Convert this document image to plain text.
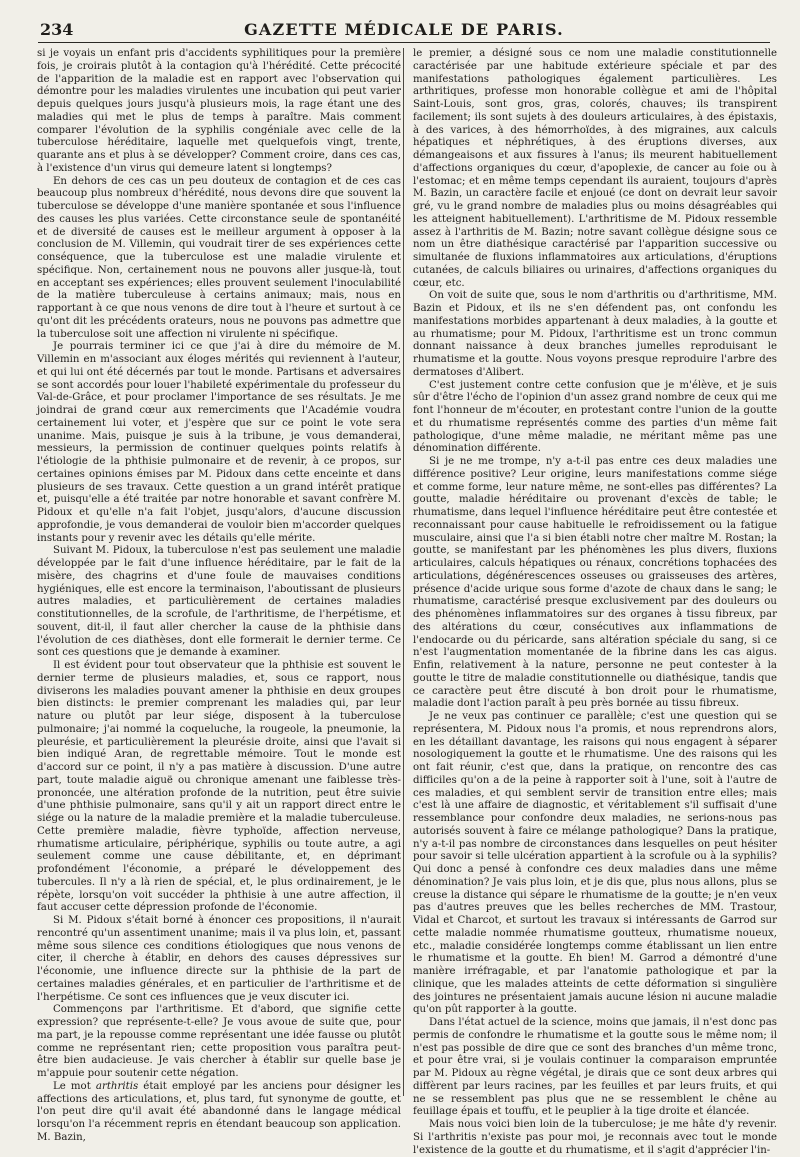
234	GAZETTE MÉDICALE DE PARIS.

si je voyais un enfant pris d'accidents syphilitiques pour la première fois, je croirais plutôt à la contagion qu'à l'hérédité. Cette précocité de l'apparition de la maladie est en rapport avec l'observation qui démontre pour les maladies virulentes une incubation qui peut varier depuis quelques jours jusqu'à plusieurs mois, la rage étant une des maladies qui met le plus de temps à paraître. Mais comment comparer l'évolution de la syphilis congéniale avec celle de la tuberculose héréditaire, laquelle met quelquefois vingt, trente, quarante ans et plus à se développer? Comment croire, dans ces cas, à l'existence d'un virus qui demeure latent si longtemps?

En dehors de ces cas un peu douteux de contagion et de ces cas beaucoup plus nombreux d'hérédité, nous devons dire que souvent la tuberculose se développe d'une manière spontanée et sous l'influence des causes les plus variées. Cette circonstance seule de spontanéité et de diversité de causes est le meilleur argument à opposer à la conclusion de M. Villemin, qui voudrait tirer de ses expériences cette conséquence, que la tuberculose est une maladie virulente et spécifique. Non, certainement nous ne pouvons aller jusque-là, tout en acceptant ses expériences; elles prouvent seulement l'inoculabilité de la matière tuberculeuse à certains animaux; mais, nous en rapportant à ce que nous venons de dire tout à l'heure et surtout à ce qu'ont dit les précédents orateurs, nous ne pouvons pas admettre que la tuberculose soit une affection ni virulente ni spécifique.

Je pourrais terminer ici ce que j'ai à dire du mémoire de M. Villemin en m'associant aux éloges mérités qui reviennent à l'auteur, et qui lui ont été décernés par tout le monde. Partisans et adversaires se sont accordés pour louer l'habileté expérimentale du professeur du Val-de-Grâce, et pour proclamer l'importance de ses résultats. Je me joindrai de grand cœur aux remerciments que l'Académie voudra certainement lui voter, et j'espère que sur ce point le vote sera unanime. Mais, puisque je suis à la tribune, je vous demanderai, messieurs, la permission de continuer quelques points relatifs à l'étiologie de la phthisie pulmonaire et de revenir, à ce propos, sur certaines opinions émises par M. Pidoux dans cette enceinte et dans plusieurs de ses travaux. Cette question a un grand intérêt pratique et, puisqu'elle a été traitée par notre honorable et savant confrère M. Pidoux et qu'elle n'a fait l'objet, jusqu'alors, d'aucune discussion approfondie, je vous demanderai de vouloir bien m'accorder quelques instants pour y revenir avec les détails qu'elle mérite.

Suivant M. Pidoux, la tuberculose n'est pas seulement une maladie développée par le fait d'une influence héréditaire, par le fait de la misère, des chagrins et d'une foule de mauvaises conditions hygiéniques, elle est encore la terminaison, l'aboutissant de plusieurs autres maladies, et particulièrement de certaines maladies constitutionnelles, de la scrofule, de l'arthritisme, de l'herpétisme, et souvent, dit-il, il faut aller chercher la cause de la phthisie dans l'évolution de ces diathèses, dont elle formerait le dernier terme. Ce sont ces questions que je demande à examiner.

Il est évident pour tout observateur que la phthisie est souvent le dernier terme de plusieurs maladies, et, sous ce rapport, nous diviserons les maladies pouvant amener la phthisie en deux groupes bien distincts: le premier comprenant les maladies qui, par leur nature ou plutôt par leur siége, disposent à la tuberculose pulmonaire; j'ai nommé la coqueluche, la rougeole, la pneumonie, la pleurésie, et particulièrement la pleurésie droite, ainsi que l'avait si bien indiqué Aran, de regrettable mémoire. Tout le monde est d'accord sur ce point, il n'y a pas matière à discussion. D'une autre part, toute maladie aiguë ou chronique amenant une faiblesse très-prononcée, une altération profonde de la nutrition, peut être suivie d'une phthisie pulmonaire, sans qu'il y ait un rapport direct entre le siége ou la nature de la maladie première et la maladie tuberculeuse. Cette première maladie, fièvre typhoïde, affection nerveuse, rhumatisme articulaire, périphérique, syphilis ou toute autre, a agi seulement comme une cause débilitante, et, en déprimant profondément l'économie, a préparé le développement des tubercules. Il n'y a là rien de spécial, et, le plus ordinairement, je le répète, lorsqu'on voit succéder la phthisie à une autre affection, il faut accuser cette dépression profonde de l'économie.

Si M. Pidoux s'était borné à énoncer ces propositions, il n'aurait rencontré qu'un assentiment unanime; mais il va plus loin, et, passant même sous silence ces conditions étiologiques que nous venons de citer, il cherche à établir, en dehors des causes dépressives sur l'économie, une influence directe sur la phthisie de la part de certaines maladies générales, et en particulier de l'arthritisme et de l'herpétisme. Ce sont ces influences que je veux discuter ici.

Commençons par l'arthritisme. Et d'abord, que signifie cette expression? que représente-t-elle? Je vous avoue de suite que, pour ma part, je la repousse comme représentant une idée fausse ou plutôt comme ne représentant rien; cette proposition vous paraîtra peut-être bien audacieuse. Je vais chercher à établir sur quelle base je m'appuie pour soutenir cette négation.

Le mot arthritis était employé par les anciens pour désigner les affections des articulations, et, plus tard, fut synonyme de goutte, et l'on peut dire qu'il avait été abandonné dans le langage médical lorsqu'on l'a récemment repris en étendant beaucoup son application. M. Bazin,

le premier, a désigné sous ce nom une maladie constitutionnelle caractérisée par une habitude extérieure spéciale et par des manifestations pathologiques également particulières. Les arthritiques, professe mon honorable collègue et ami de l'hôpital Saint-Louis, sont gros, gras, colorés, chauves; ils transpirent facilement; ils sont sujets à des douleurs articulaires, à des épistaxis, à des varices, à des hémorrhoïdes, à des migraines, aux calculs hépatiques et néphrétiques, à des éruptions diverses, aux démangeaisons et aux fissures à l'anus; ils meurent habituellement d'affections organiques du cœur, d'apoplexie, de cancer au foie ou à l'estomac; et en même temps cependant ils auraient, toujours d'après M. Bazin, un caractère facile et enjoué (ce dont on devrait leur savoir gré, vu le grand nombre de maladies plus ou moins désagréables qui les atteignent habituellement). L'arthritisme de M. Pidoux ressemble assez à l'arthritis de M. Bazin; notre savant collègue désigne sous ce nom un être diathésique caractérisé par l'apparition successive ou simultanée de fluxions inflammatoires aux articulations, d'éruptions cutanées, de calculs biliaires ou urinaires, d'affections organiques du cœur, etc.

On voit de suite que, sous le nom d'arthritis ou d'arthritisme, MM. Bazin et Pidoux, et ils ne s'en défendent pas, ont confondu les manifestations morbides appartenant à deux maladies, à la goutte et au rhumatisme; pour M. Pidoux, l'arthritisme est un tronc commun donnant naissance à deux branches jumelles reproduisant le rhumatisme et la goutte. Nous voyons presque reproduire l'arbre des dermatoses d'Alibert.

C'est justement contre cette confusion que je m'élève, et je suis sûr d'être l'écho de l'opinion d'un assez grand nombre de ceux qui me font l'honneur de m'écouter, en protestant contre l'union de la goutte et du rhumatisme représentés comme des parties d'un même fait pathologique, d'une même maladie, ne méritant même pas une dénomination différente.

Si je ne me trompe, n'y a-t-il pas entre ces deux maladies une différence positive? Leur origine, leurs manifestations comme siége et comme forme, leur nature même, ne sont-elles pas différentes? La goutte, maladie héréditaire ou provenant d'excès de table; le rhumatisme, dans lequel l'influence héréditaire peut être contestée et reconnaissant pour cause habituelle le refroidissement ou la fatigue musculaire, ainsi que l'a si bien établi notre cher maître M. Rostan; la goutte, se manifestant par les phénomènes les plus divers, fluxions articulaires, calculs hépatiques ou rénaux, concrétions tophacées des articulations, dégénérescences osseuses ou graisseuses des artères, présence d'acide urique sous forme d'azote de chaux dans le sang; le rhumatisme, caractérisé presque exclusivement par des douleurs ou des phénomènes inflammatoires sur des organes à tissu fibreux, par des altérations du cœur, consécutives aux inflammations de l'endocarde ou du péricarde, sans altération spéciale du sang, si ce n'est l'augmentation momentanée de la fibrine dans les cas aigus. Enfin, relativement à la nature, personne ne peut contester à la goutte le titre de maladie constitutionnelle ou diathésique, tandis que ce caractère peut être discuté à bon droit pour le rhumatisme, maladie dont l'action paraît à peu près bornée au tissu fibreux.

Je ne veux pas continuer ce parallèle; c'est une question qui se représentera, M. Pidoux nous l'a promis, et nous reprendrons alors, en les détaillant davantage, les raisons qui nous engagent à séparer nosologiquement la goutte et le rhumatisme. Une des raisons qui les ont fait réunir, c'est que, dans la pratique, on rencontre des cas difficiles qu'on a de la peine à rapporter soit à l'une, soit à l'autre de ces maladies, et qui semblent servir de transition entre elles; mais c'est là une affaire de diagnostic, et véritablement s'il suffisait d'une ressemblance pour confondre deux maladies, ne serions-nous pas autorisés souvent à faire ce mélange pathologique? Dans la pratique, n'y a-t-il pas nombre de circonstances dans lesquelles on peut hésiter pour savoir si telle ulcération appartient à la scrofule ou à la syphilis? Qui donc a pensé à confondre ces deux maladies dans une même dénomination? Je vais plus loin, et je dis que, plus nous allons, plus se creuse la distance qui sépare le rhumatisme de la goutte; je n'en veux pas d'autres preuves que les belles recherches de MM. Trastour, Vidal et Charcot, et surtout les travaux si intéressants de Garrod sur cette maladie nommée rhumatisme goutteux, rhumatisme noueux, etc., maladie considérée longtemps comme établissant un lien entre le rhumatisme et la goutte. Eh bien! M. Garrod a démontré d'une manière irréfragable, et par l'anatomie pathologique et par la clinique, que les malades atteints de cette déformation si singulière des jointures ne présentaient jamais aucune lésion ni aucune maladie qu'on pût rapporter à la goutte.

Dans l'état actuel de la science, moins que jamais, il n'est donc pas permis de confondre le rhumatisme et la goutte sous le même nom; il n'est pas possible de dire que ce sont des branches d'un même tronc, et pour être vrai, si je voulais continuer la comparaison empruntée par M. Pidoux au règne végétal, je dirais que ce sont deux arbres qui diffèrent par leurs racines, par les feuilles et par leurs fruits, et qui ne se ressemblent pas plus que ne se ressemblent le chêne au feuillage épais et touffu, et le peuplier à la tige droite et élancée.

Mais nous voici bien loin de la tuberculose; je me hâte d'y revenir. Si l'arthritis n'existe pas pour moi, je reconnais avec tout le monde l'existence de la goutte et du rhumatisme, et il s'agit d'apprécier l'in-
